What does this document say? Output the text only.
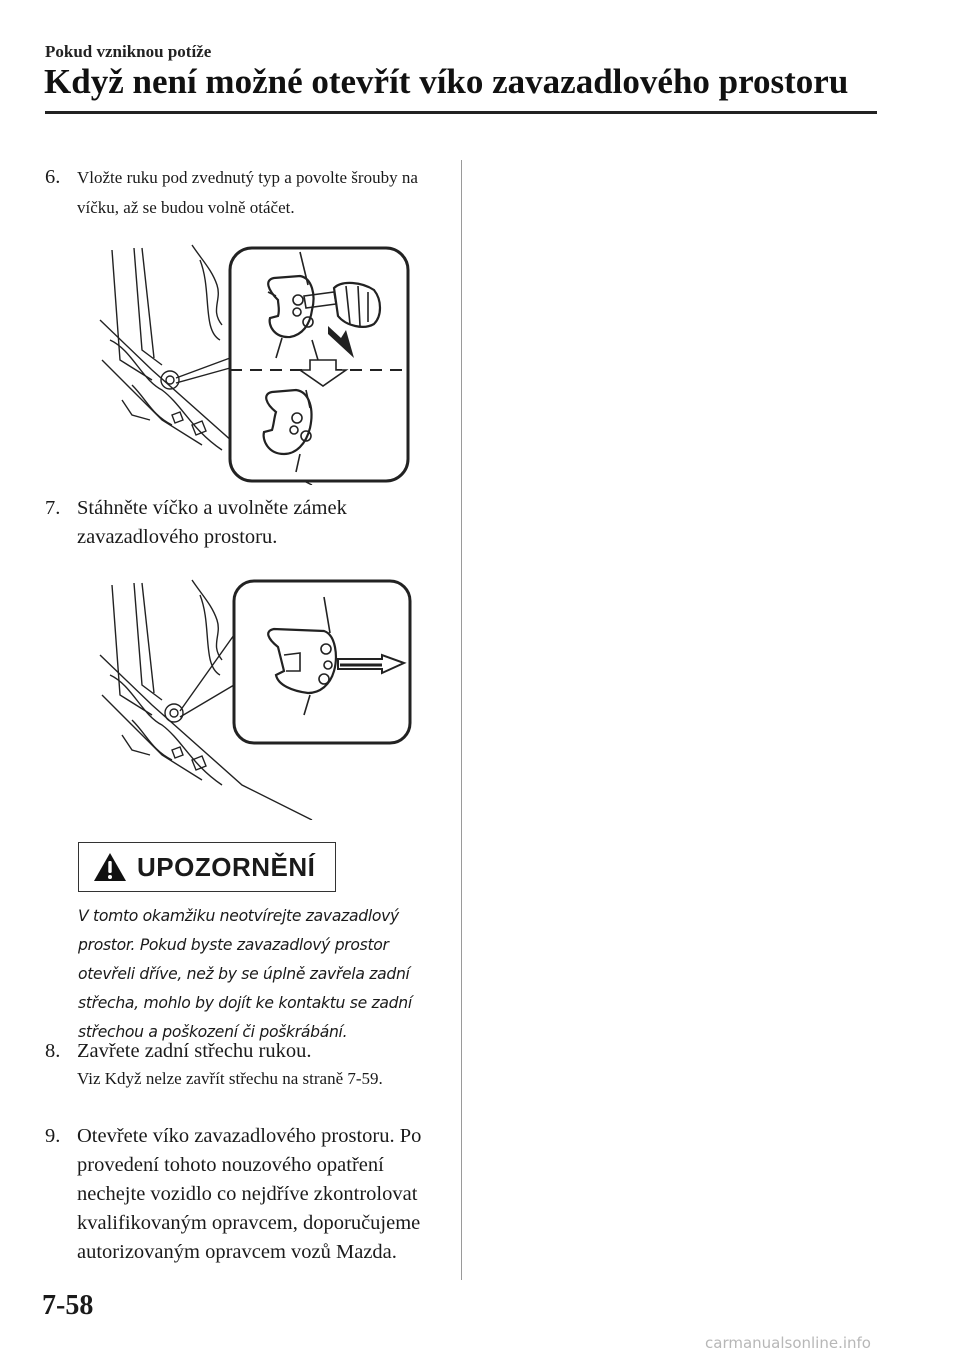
Pokud vzniknou potíže
Když není možné otevřít víko zavazadlového prostoru
6. Vložte ruku pod zvednutý typ a povolte šrouby na víčku, až se budou volně otáčet.
7. Stáhněte víčko a uvolněte zámek zavazadlového prostoru.
UPOZORNĚNÍ
V tomto okamžiku neotvírejte zavazadlový prostor. Pokud byste zavazadlový prostor otevřeli dříve, než by se úplně zavřela zadní střecha, mohlo by dojít ke kontaktu se zadní střechou a poškození či poškrábání.
8. Zavřete zadní střechu rukou.
Viz Když nelze zavřít střechu na straně 7-59.
9. Otevřete víko zavazadlového prostoru. Po provedení tohoto nouzového opatření nechejte vozidlo co nejdříve zkontrolovat kvalifikovaným opravcem, doporučujeme autorizovaným opravcem vozů Mazda.
7-58
carmanualsonline.info
